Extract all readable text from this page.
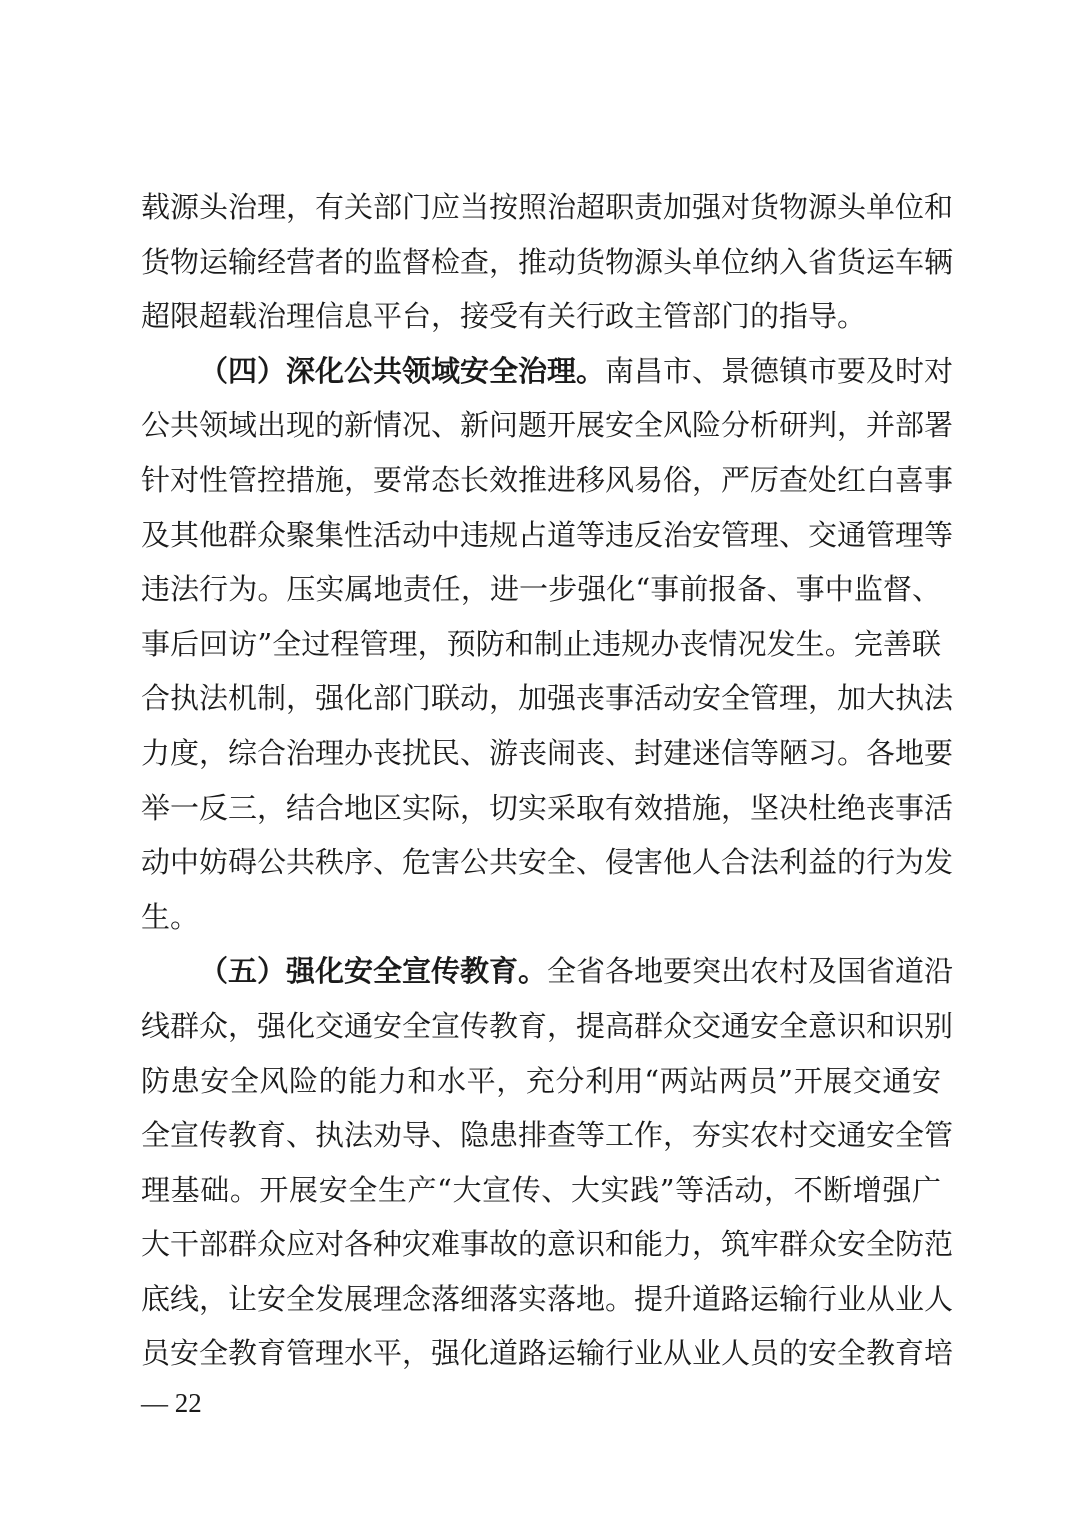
载源头治理，有关部门应当按照治超职责加强对货物源头单位和
货物运输经营者的监督检查，推动货物源头单位纳入省货运车辆
超限超载治理信息平台，接受有关行政主管部门的指导。
（四）深化公共领域安全治理。南昌市、景德镇市要及时对
公共领域出现的新情况、新问题开展安全风险分析研判，并部署
针对性管控措施，要常态长效推进移风易俗，严厉查处红白喜事
及其他群众聚集性活动中违规占道等违反治安管理、交通管理等
违法行为。压实属地责任，进一步强化“事前报备、事中监督、
事后回访”全过程管理，预防和制止违规办丧情况发生。完善联
合执法机制，强化部门联动，加强丧事活动安全管理，加大执法
力度，综合治理办丧扰民、游丧闹丧、封建迷信等陋习。各地要
举一反三，结合地区实际，切实采取有效措施，坚决杜绝丧事活
动中妨碍公共秩序、危害公共安全、侵害他人合法利益的行为发
生。
（五）强化安全宣传教育。全省各地要突出农村及国省道沿
线群众，强化交通安全宣传教育，提高群众交通安全意识和识别
防患安全风险的能力和水平，充分利用“两站两员”开展交通安
全宣传教育、执法劝导、隐患排查等工作，夯实农村交通安全管
理基础。开展安全生产“大宣传、大实践”等活动，不断增强广
大干部群众应对各种灾难事故的意识和能力，筑牢群众安全防范
底线，让安全发展理念落细落实落地。提升道路运输行业从业人
员安全教育管理水平，强化道路运输行业从业人员的安全教育培
— 22
